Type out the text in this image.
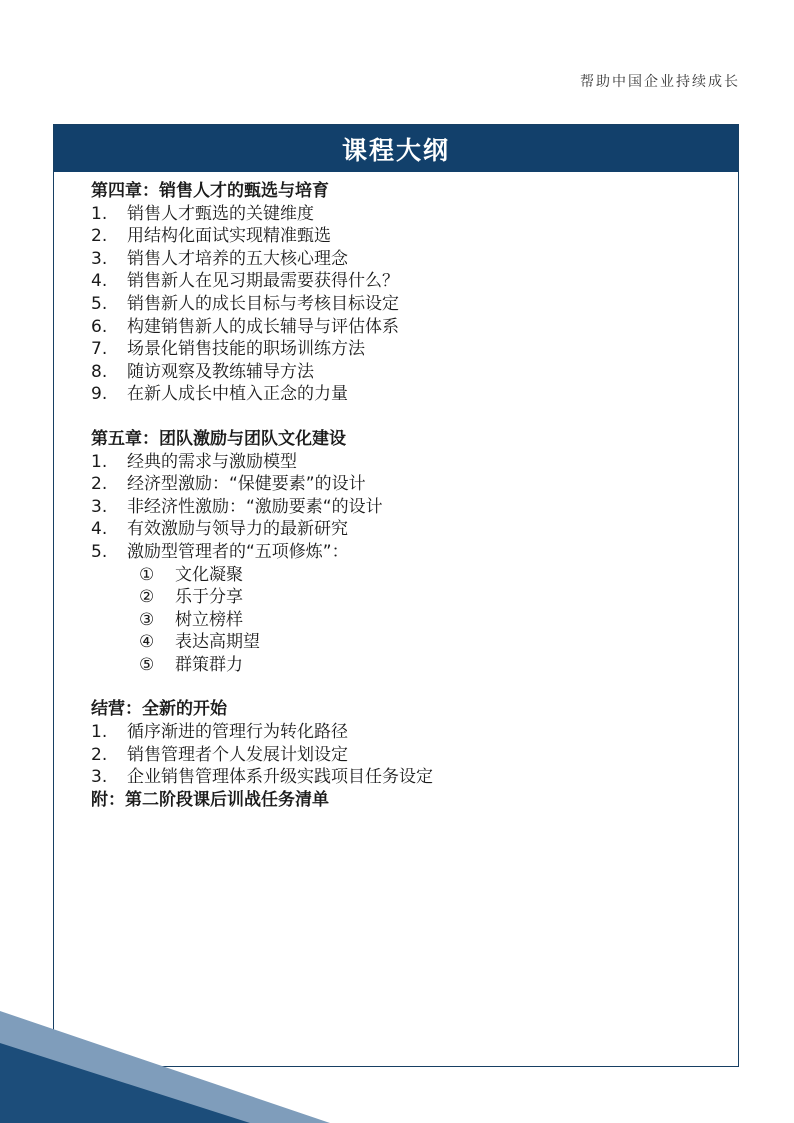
帮助中国企业持续成长
课程大纲
第四章：销售人才的甄选与培育
1.	销售人才甄选的关键维度
2.	用结构化面试实现精准甄选
3.	销售人才培养的五大核心理念
4.	销售新人在见习期最需要获得什么？
5.	销售新人的成长目标与考核目标设定
6.	构建销售新人的成长辅导与评估体系
7.	场景化销售技能的职场训练方法
8.	随访观察及教练辅导方法
9.	在新人成长中植入正念的力量
第五章：团队激励与团队文化建设
1.	经典的需求与激励模型
2.	经济型激励：“保健要素”的设计
3.	非经济性激励：“激励要素“的设计
4.	有效激励与领导力的最新研究
5.	激励型管理者的“五项修炼”：
①	文化凝聚
②	乐于分享
③	树立榜样
④	表达高期望
⑤	群策群力
结营：全新的开始
1.	循序渐进的管理行为转化路径
2.	销售管理者个人发展计划设定
3.	企业销售管理体系升级实践项目任务设定
附：第二阶段课后训战任务清单
